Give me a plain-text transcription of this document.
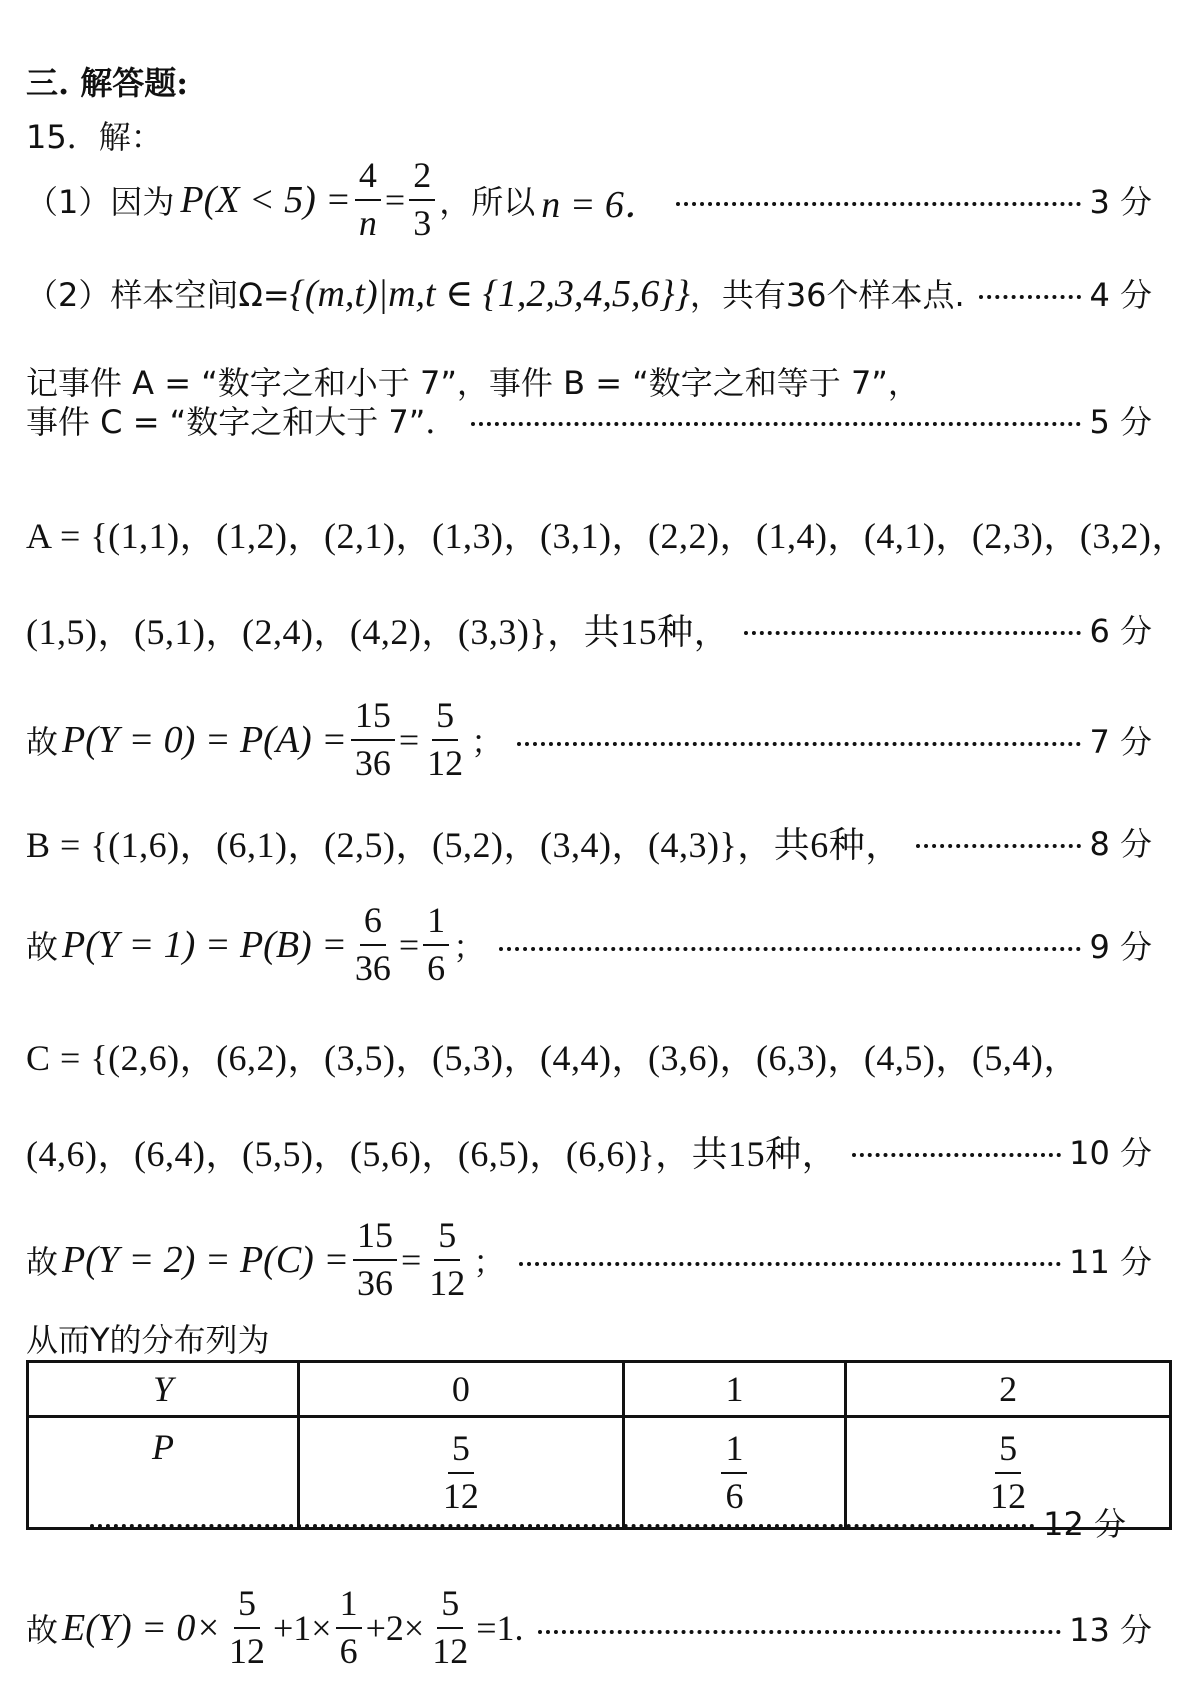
三. 解答题:
15．解：
（1）因为 $P(X < 5) = \frac{4}{n} = \frac{2}{3}$ ，所以 n = 6．	3 分
（2）样本空间Ω= {(m,t)|m,t ∈ {1,2,3,4,5,6}} ，共有36个样本点.	4 分
记事件 A = “数字之和小于 7”，事件 B = “数字之和等于 7”，
事件 C = “数字之和大于 7”．	5 分
A = {(1,1)，(1,2)，(2,1)，(1,3)，(3,1)，(2,2)，(1,4)，(4,1)，(2,3)，(3,2)，
(1,5)，(5,1)，(2,4)，(4,2)，(3,3)}，共15种，	6 分
故 $P(Y = 0) = P(A) = \frac{15}{36} = \frac{5}{12}$ ；	7 分
B = {(1,6)，(6,1)，(2,5)，(5,2)，(3,4)，(4,3)}，共6种，	8 分
故 $P(Y = 1) = P(B) = \frac{6}{36} = \frac{1}{6}$ ；	9 分
C = {(2,6)，(6,2)，(3,5)，(5,3)，(4,4)，(3,6)，(6,3)，(4,5)，(5,4)，
(4,6)，(6,4)，(5,5)，(5,6)，(6,5)，(6,6)}，共15种，	10 分
故 $P(Y = 2) = P(C) = \frac{15}{36} = \frac{5}{12}$ ；	11 分
从而Y的分布列为
Y	0	1	2
P	$\frac{5}{12}$	$\frac{1}{6}$	$\frac{5}{12}$
12 分
故 $E(Y) = 0\times \frac{5}{12} +1\times \frac{1}{6} +2\times \frac{5}{12} =1$.	13 分
